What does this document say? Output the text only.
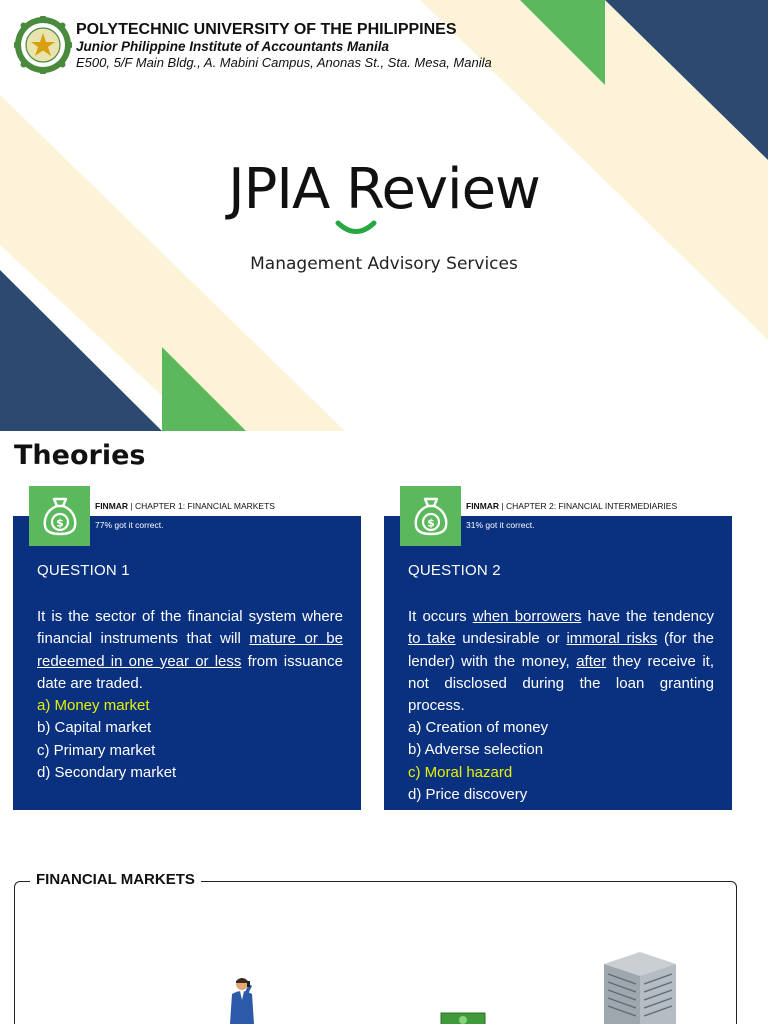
POLYTECHNIC UNIVERSITY OF THE PHILIPPINES
Junior Philippine Institute of Accountants Manila
E500, 5/F Main Bldg., A. Mabini Campus, Anonas St., Sta. Mesa, Manila
JPIA Review
Management Advisory Services
Theories
$
FINMAR | CHAPTER 1: FINANCIAL MARKETS
77% got it correct.
QUESTION 1
It is the sector of the financial system where financial instruments that will mature or be redeemed in one year or less from issuance date are traded.
a) Money market
b) Capital market
c) Primary market
d) Secondary market
$
FINMAR | CHAPTER 2: FINANCIAL INTERMEDIARIES
31% got it correct.
QUESTION 2
It occurs when borrowers have the tendency to take undesirable or immoral risks (for the lender) with the money, after they receive it, not disclosed during the loan granting process.
a) Creation of money
b) Adverse selection
c) Moral hazard
d) Price discovery
FINANCIAL MARKETS
